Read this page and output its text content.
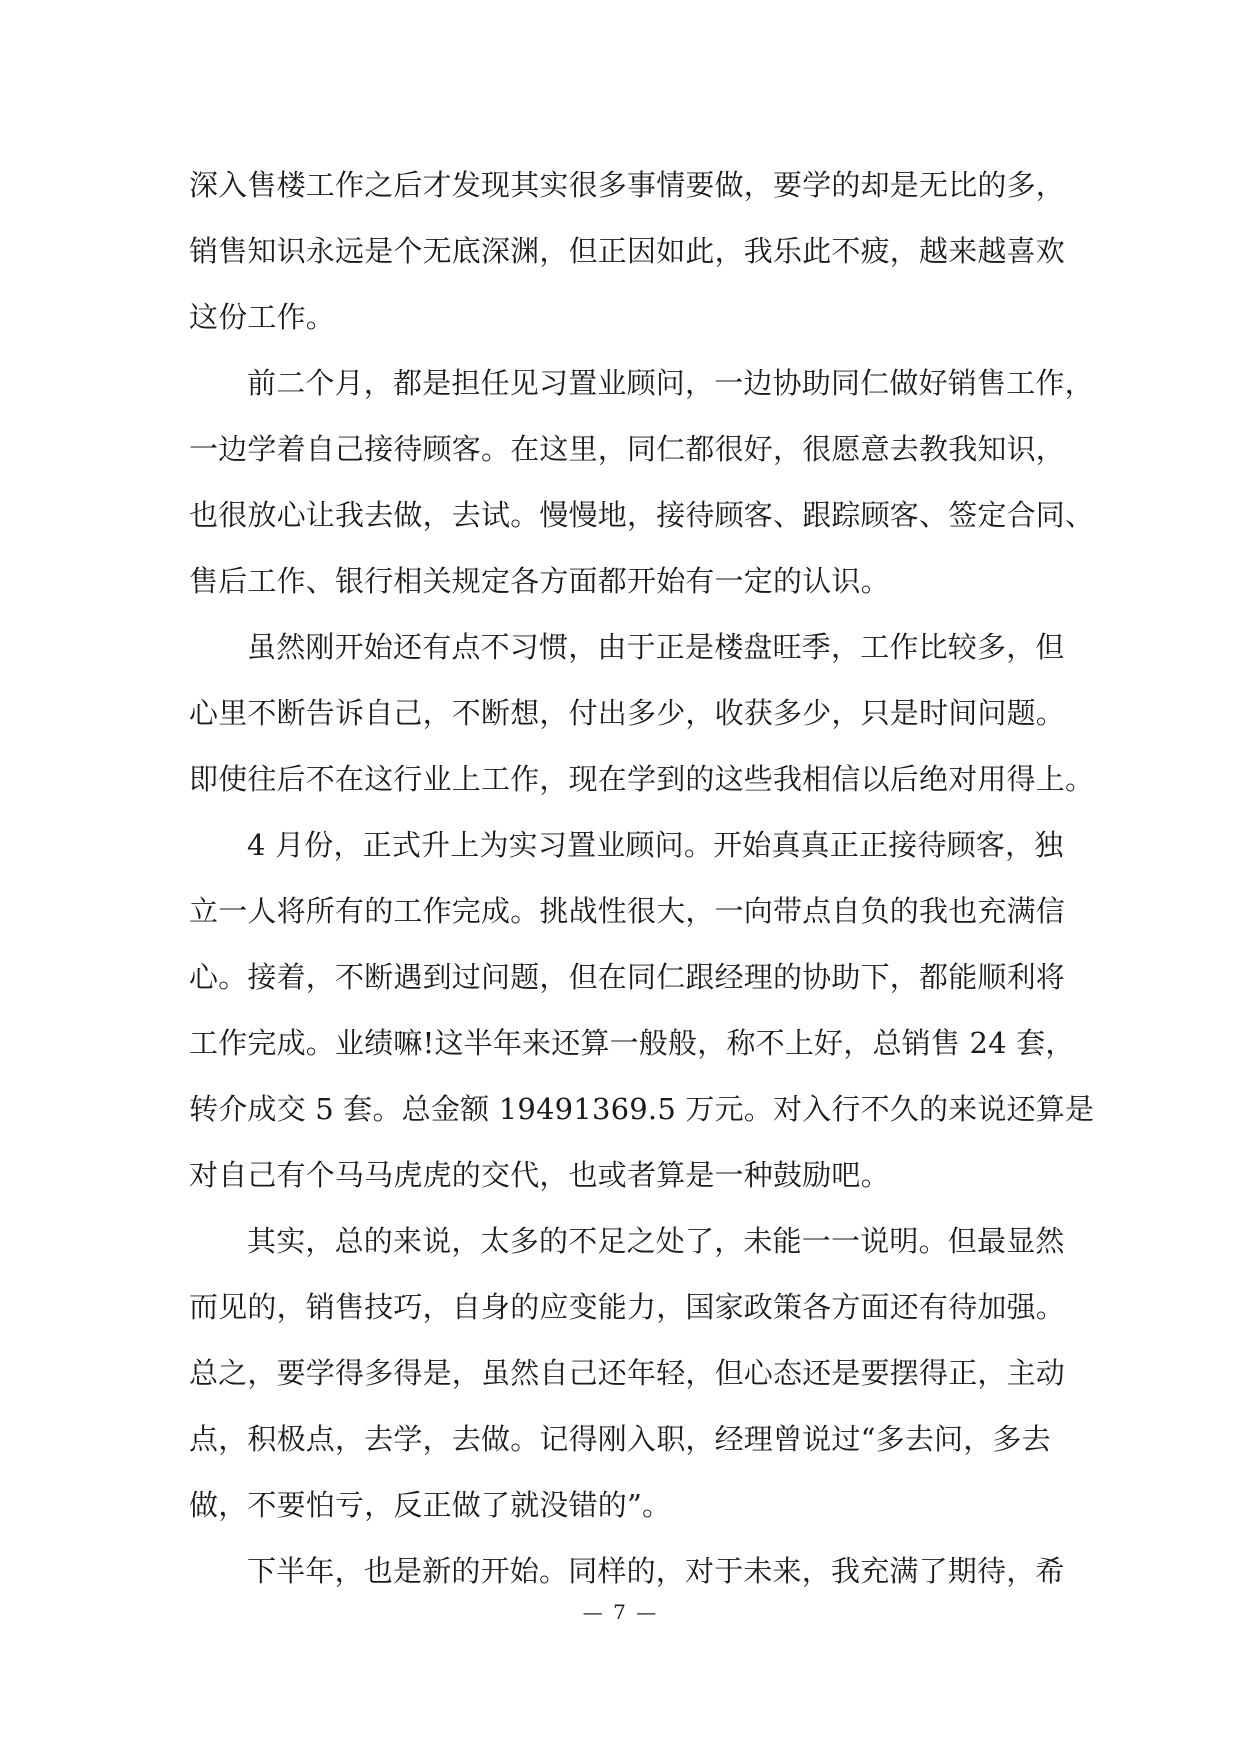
深入售楼工作之后才发现其实很多事情要做，要学的却是无比的多，
销售知识永远是个无底深渊，但正因如此，我乐此不疲，越来越喜欢
这份工作。
前二个月，都是担任见习置业顾问，一边协助同仁做好销售工作，
一边学着自己接待顾客。在这里，同仁都很好，很愿意去教我知识，
也很放心让我去做，去试。慢慢地，接待顾客、跟踪顾客、签定合同、
售后工作、银行相关规定各方面都开始有一定的认识。
虽然刚开始还有点不习惯，由于正是楼盘旺季，工作比较多，但
心里不断告诉自己，不断想，付出多少，收获多少，只是时间问题。
即使往后不在这行业上工作，现在学到的这些我相信以后绝对用得上。
4 月份，正式升上为实习置业顾问。开始真真正正接待顾客，独
立一人将所有的工作完成。挑战性很大，一向带点自负的我也充满信
心。接着，不断遇到过问题，但在同仁跟经理的协助下，都能顺利将
工作完成。业绩嘛!这半年来还算一般般，称不上好，总销售 24 套，
转介成交 5 套。总金额 19491369.5 万元。对入行不久的来说还算是
对自己有个马马虎虎的交代，也或者算是一种鼓励吧。
其实，总的来说，太多的不足之处了，未能一一说明。但最显然
而见的，销售技巧，自身的应变能力，国家政策各方面还有待加强。
总之，要学得多得是，虽然自己还年轻，但心态还是要摆得正，主动
点，积极点，去学，去做。记得刚入职，经理曾说过“多去问，多去
做，不要怕亏，反正做了就没错的”。
下半年，也是新的开始。同样的，对于未来，我充满了期待，希
— 7 —
